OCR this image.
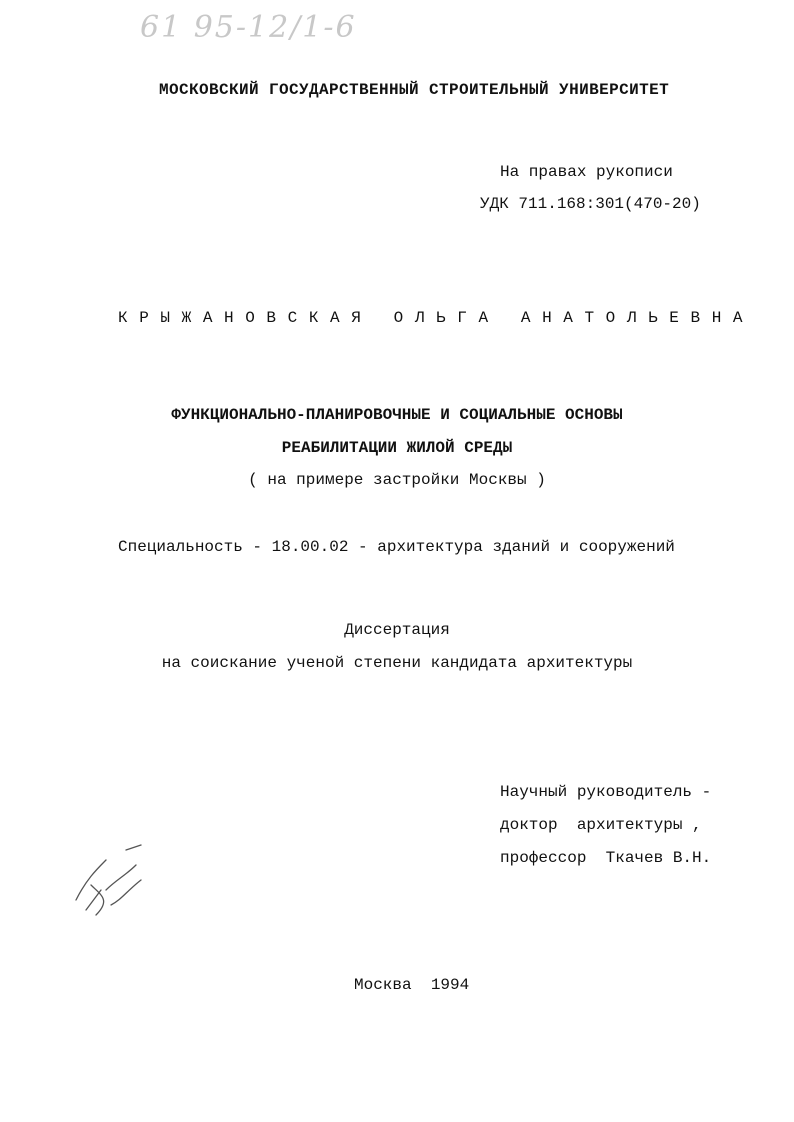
61 95-12/1-6
МОСКОВСКИЙ ГОСУДАРСТВЕННЫЙ СТРОИТЕЛЬНЫЙ УНИВЕРСИТЕТ
На правах рукописи
УДК 711.168:301(470-20)
К Р Ы Ж А Н О В С К А Я   О Л Ь Г А   А Н А Т О Л Ь Е В Н А
ФУНКЦИОНАЛЬНО-ПЛАНИРОВОЧНЫЕ И СОЦИАЛЬНЫЕ ОСНОВЫ
РЕАБИЛИТАЦИИ ЖИЛОЙ СРЕДЫ
( на примере застройки Москвы )
Специальность - 18.00.02 - архитектура зданий и сооружений
Диссертация
на соискание ученой степени кандидата архитектуры
Научный руководитель -
доктор  архитектуры ,
профессор  Ткачев В.Н.
Москва  1994
